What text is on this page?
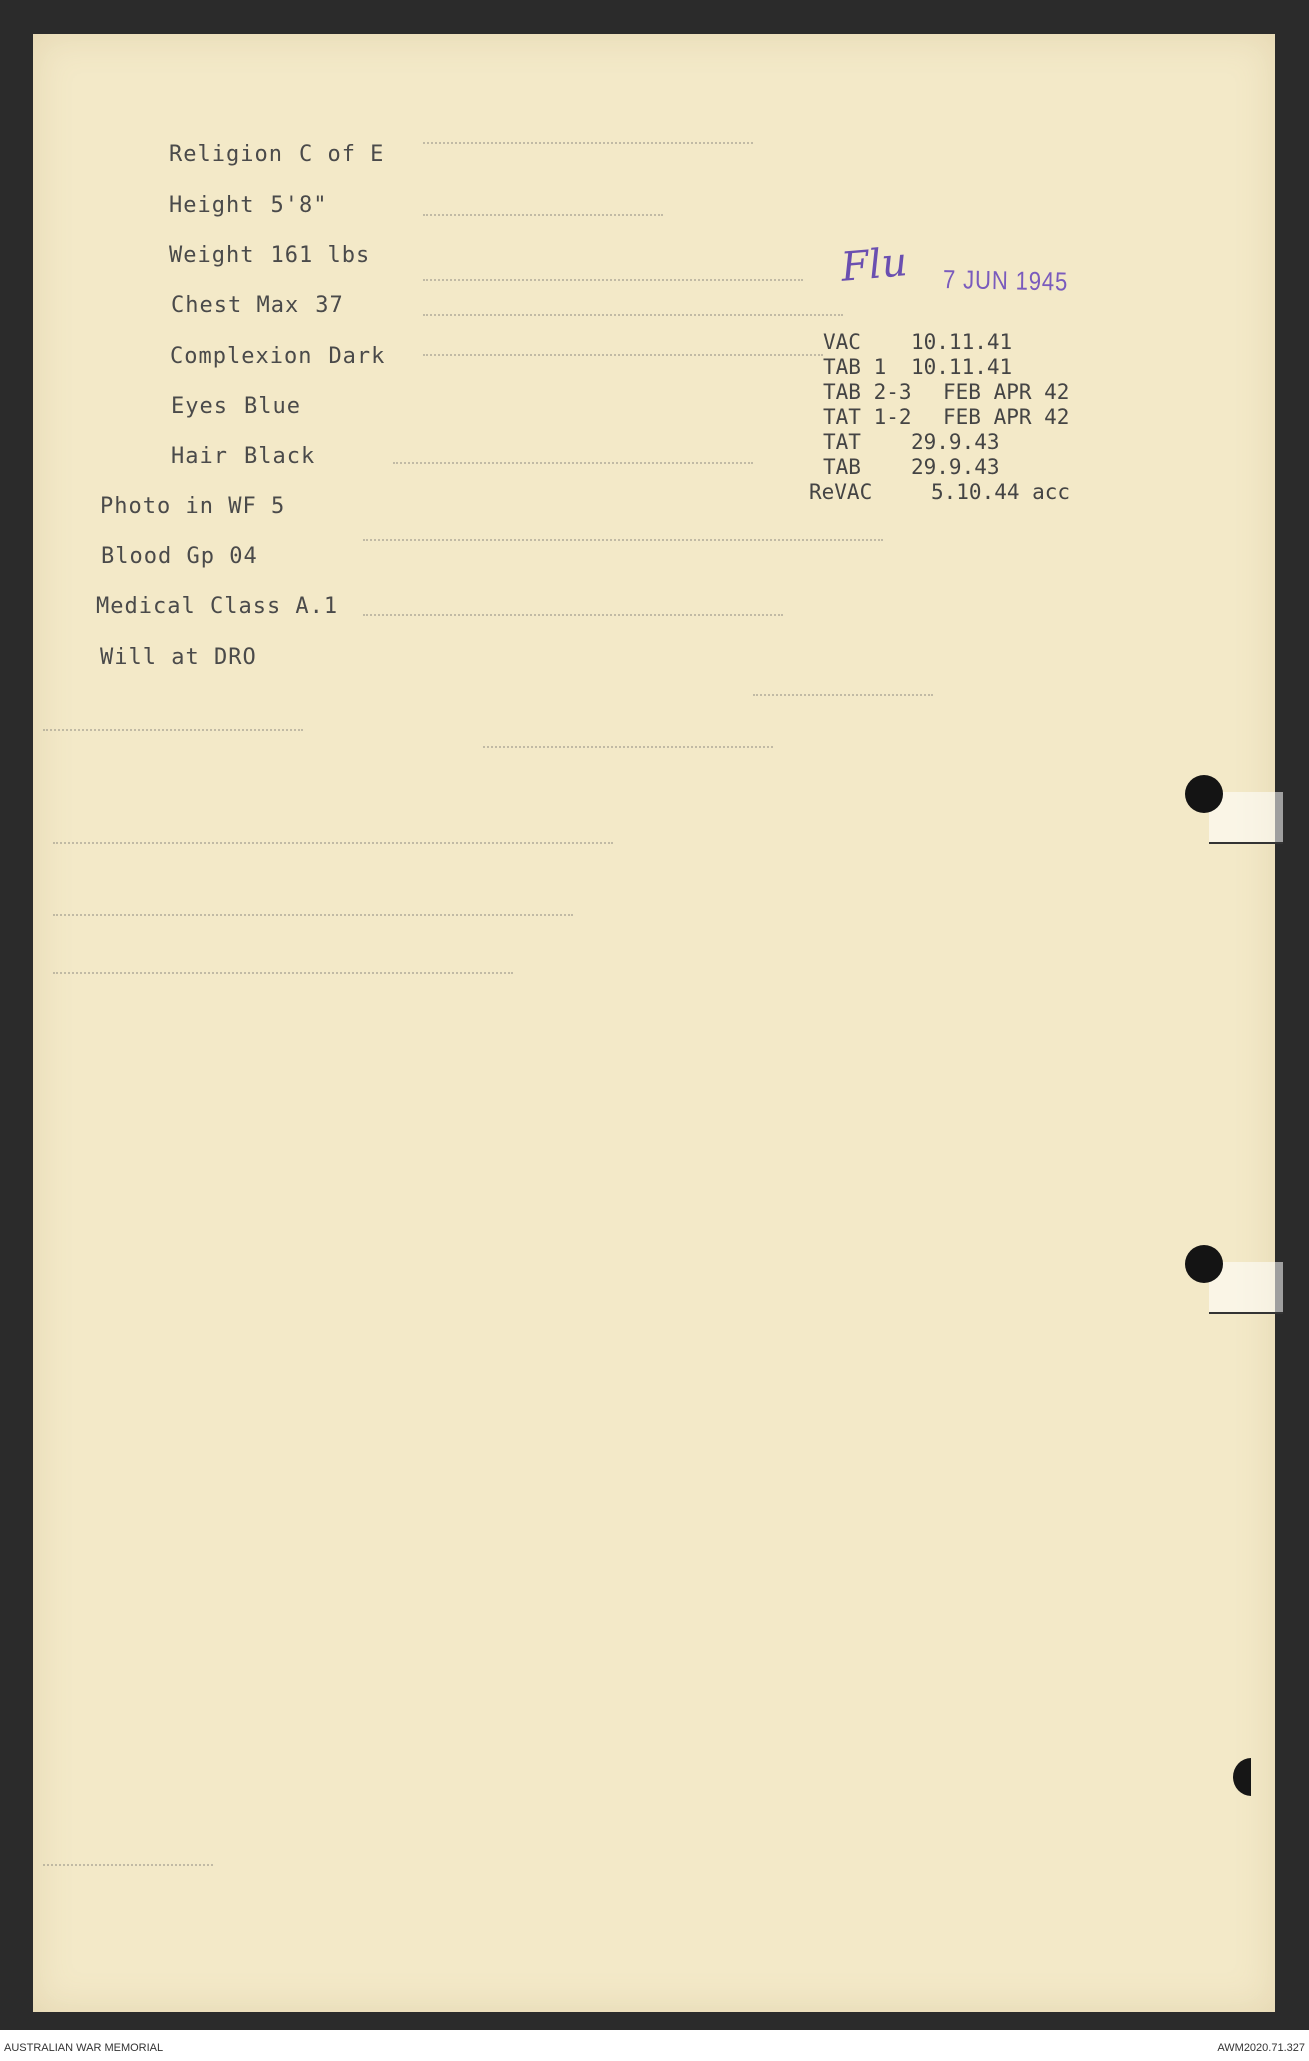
Religion C of E

Height 5'8"

Weight 161 lbs

Chest Max 37

Complexion Dark

Eyes Blue

Hair Black

Photo in WF 5
Blood Gp 04
Medical Class A.1
Will at DRO
Flu 7 JUN 1945
VAC 10.11.41
TAB 1 10.11.41
TAB 2-3 FEB APR 42
TAT 1-2 FEB APR 42
TAT 29.9.43
TAB 29.9.43
ReVAC	5.10.44 acc
AUSTRALIAN WAR MEMORIAL	AWM2020.71.327
